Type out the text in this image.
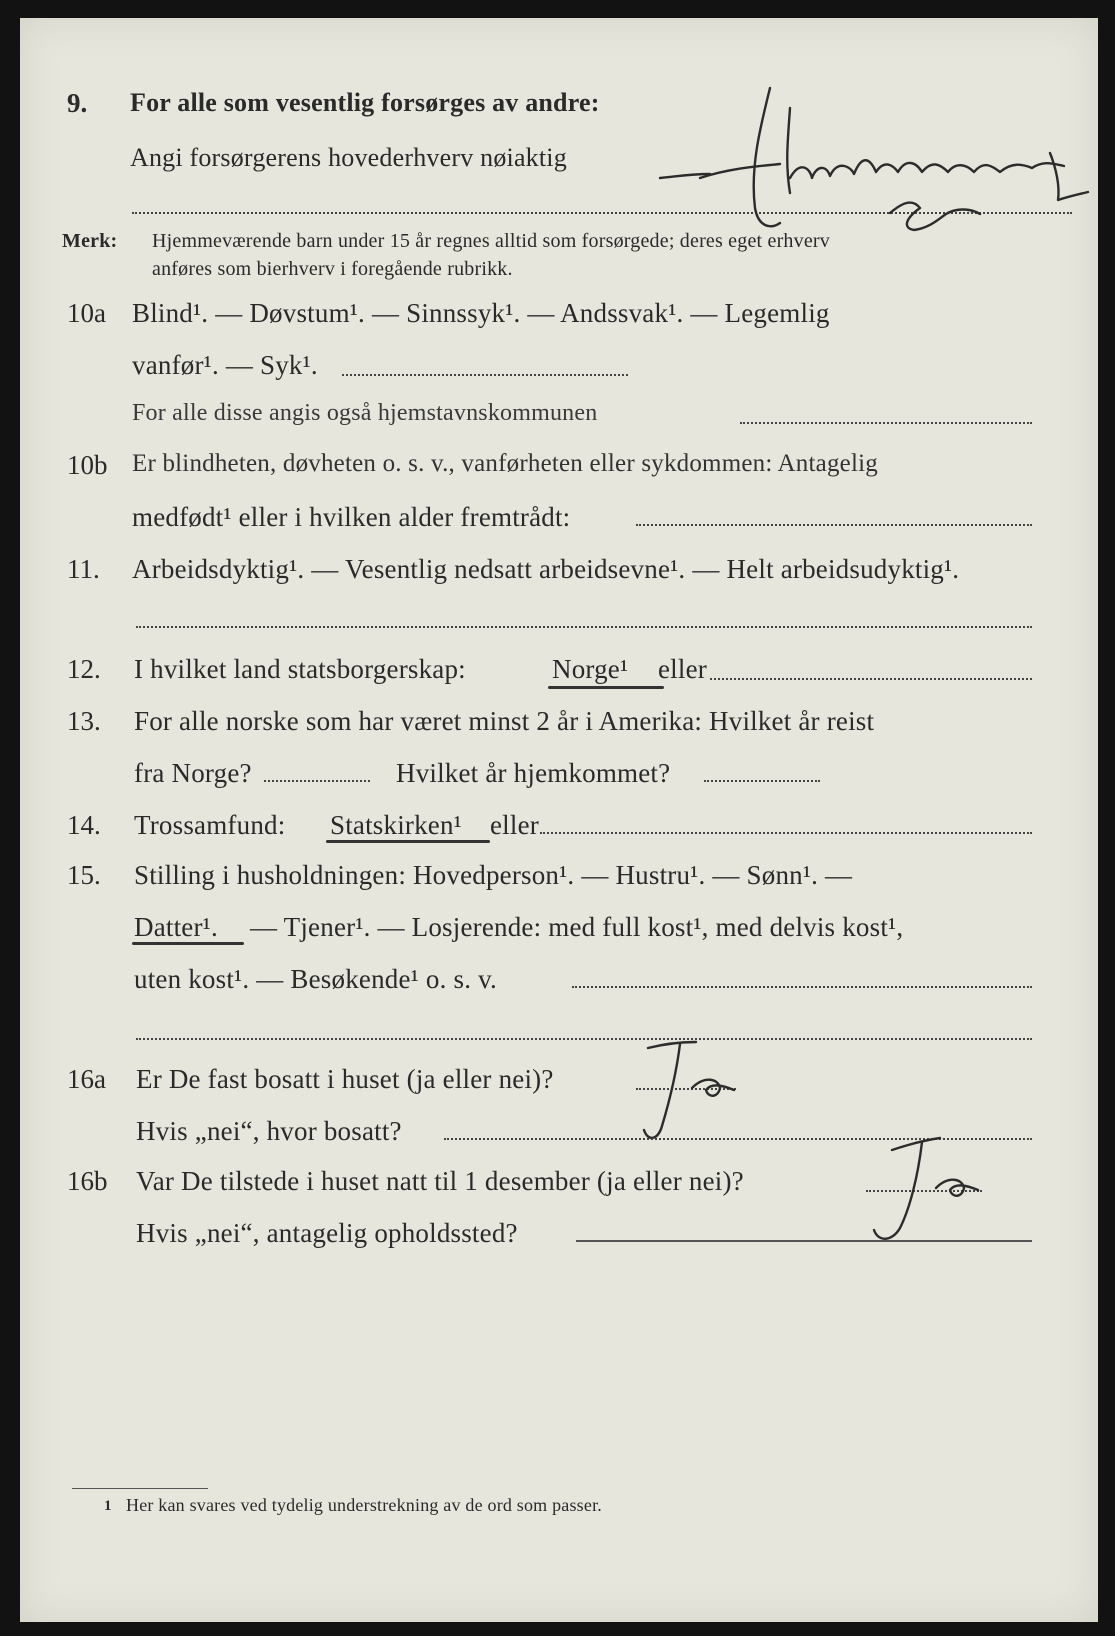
9. For alle som vesentlig forsørges av andre:
Angi forsørgerens hovederhverv nøiaktig
Merk: Hjemmeværende barn under 15 år regnes alltid som forsørgede; deres eget erhverv
anføres som bierhverv i foregående rubrikk.
10a Blind¹. — Døvstum¹. — Sinnssyk¹. — Andssvak¹. — Legemlig
vanfør¹. — Syk¹.
For alle disse angis også hjemstavnskommunen
10b Er blindheten, døvheten o. s. v., vanførheten eller sykdommen: Antagelig
medfødt¹ eller i hvilken alder fremtrådt:
11. Arbeidsdyktig¹. — Vesentlig nedsatt arbeidsevne¹. — Helt arbeidsudyktig¹.
12. I hvilket land statsborgerskap:	Norge¹ eller
13. For alle norske som har været minst 2 år i Amerika: Hvilket år reist
fra Norge?	Hvilket år hjemkommet?
14. Trossamfund: Statskirken¹ eller
15. Stilling i husholdningen: Hovedperson¹. — Hustru¹. — Sønn¹. —
Datter¹. — Tjener¹. — Losjerende: med full kost¹, med delvis kost¹,
uten kost¹. — Besøkende¹ o. s. v.
16a Er De fast bosatt i huset (ja eller nei)?
Hvis „nei“, hvor bosatt?
16b Var De tilstede i huset natt til 1 desember (ja eller nei)?
Hvis „nei“, antagelig opholdssted?
1 Her kan svares ved tydelig understrekning av de ord som passer.
